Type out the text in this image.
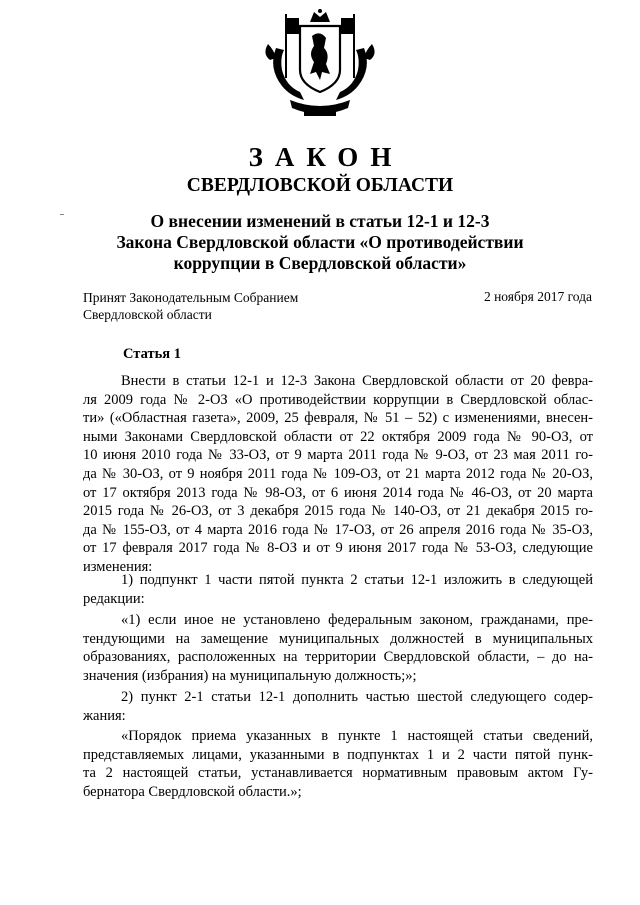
ЗАКОН
СВЕРДЛОВСКОЙ ОБЛАСТИ
О внесении изменений в статьи 12-1 и 12-3
Закона Свердловской области «О противодействии
коррупции в Свердловской области»
Принят Законодательным Собранием
Свердловской области
2 ноября 2017 года
Статья 1
Внести в статьи 12-1 и 12-3 Закона Свердловской области от 20 февра-
ля 2009 года № 2-ОЗ «О противодействии коррупции в Свердловской облас-
ти» («Областная газета», 2009, 25 февраля, № 51 – 52) с изменениями, внесен-
ными Законами Свердловской области от 22 октября 2009 года № 90-ОЗ, от
10 июня 2010 года № 33-ОЗ, от 9 марта 2011 года № 9-ОЗ, от 23 мая 2011 го-
да № 30-ОЗ, от 9 ноября 2011 года № 109-ОЗ, от 21 марта 2012 года № 20-ОЗ,
от 17 октября 2013 года № 98-ОЗ, от 6 июня 2014 года № 46-ОЗ, от 20 марта
2015 года № 26-ОЗ, от 3 декабря 2015 года № 140-ОЗ, от 21 декабря 2015 го-
да № 155-ОЗ, от 4 марта 2016 года № 17-ОЗ, от 26 апреля 2016 года № 35-ОЗ,
от 17 февраля 2017 года № 8-ОЗ и от 9 июня 2017 года № 53-ОЗ, следующие
изменения:
1) подпункт 1 части пятой пункта 2 статьи 12-1 изложить в следующей
редакции:
«1) если иное не установлено федеральным законом, гражданами, пре-
тендующими на замещение муниципальных должностей в муниципальных
образованиях, расположенных на территории Свердловской области, – до на-
значения (избрания) на муниципальную должность;»;
2) пункт 2-1 статьи 12-1 дополнить частью шестой следующего содер-
жания:
«Порядок приема указанных в пункте 1 настоящей статьи сведений,
представляемых лицами, указанными в подпунктах 1 и 2 части пятой пунк-
та 2 настоящей статьи, устанавливается нормативным правовым актом Гу-
бернатора Свердловской области.»;
